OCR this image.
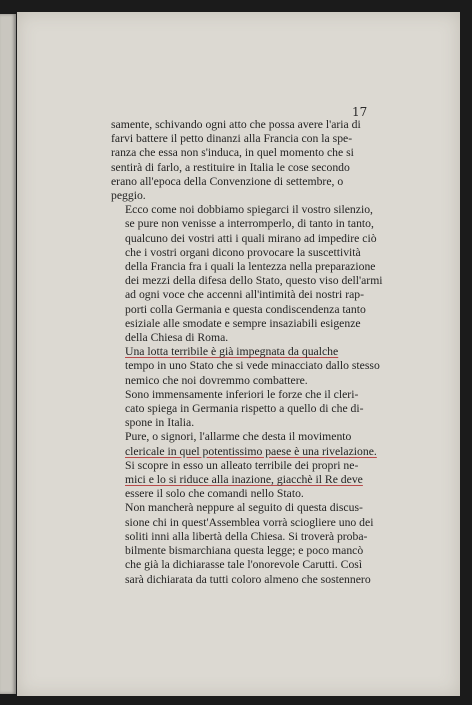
17

samente, schivando ogni atto che possa avere l'aria di
farvi battere il petto dinanzi alla Francia con la spe-
ranza che essa non s'induca, in quel momento che si
sentirà di farlo, a restituire in Italia le cose secondo
erano all'epoca della Convenzione di settembre, o
peggio.

Ecco come noi dobbiamo spiegarci il vostro silenzio,
se pure non venisse a interromperlo, di tanto in tanto,
qualcuno dei vostri atti i quali mirano ad impedire ciò
che i vostri organi dicono provocare la suscettività
della Francia fra i quali la lentezza nella preparazione
dei mezzi della difesa dello Stato, questo viso dell'armi
ad ogni voce che accenni all'intimità dei nostri rap-
porti colla Germania e questa condiscendenza tanto
esiziale alle smodate e sempre insaziabili esigenze
della Chiesa di Roma.

Una lotta terribile è già impegnata da qualche
tempo in uno Stato che si vede minacciato dallo stesso
nemico che noi dovremmo combattere.

Sono immensamente inferiori le forze che il cleri-
cato spiega in Germania rispetto a quello di che di-
spone in Italia.

Pure, o signori, l'allarme che desta il movimento
clericale in quel potentissimo paese è una rivelazione.

Si scopre in esso un alleato terribile dei propri ne-
mici e lo si riduce alla inazione, giacchè il Re deve
essere il solo che comandi nello Stato.

Non mancherà neppure al seguito di questa discus-
sione chi in quest'Assemblea vorrà sciogliere uno dei
soliti inni alla libertà della Chiesa. Si troverà proba-
bilmente bismarchiana questa legge; e poco mancò
che già la dichiarasse tale l'onorevole Carutti. Così
sarà dichiarata da tutti coloro almeno che sostennero
